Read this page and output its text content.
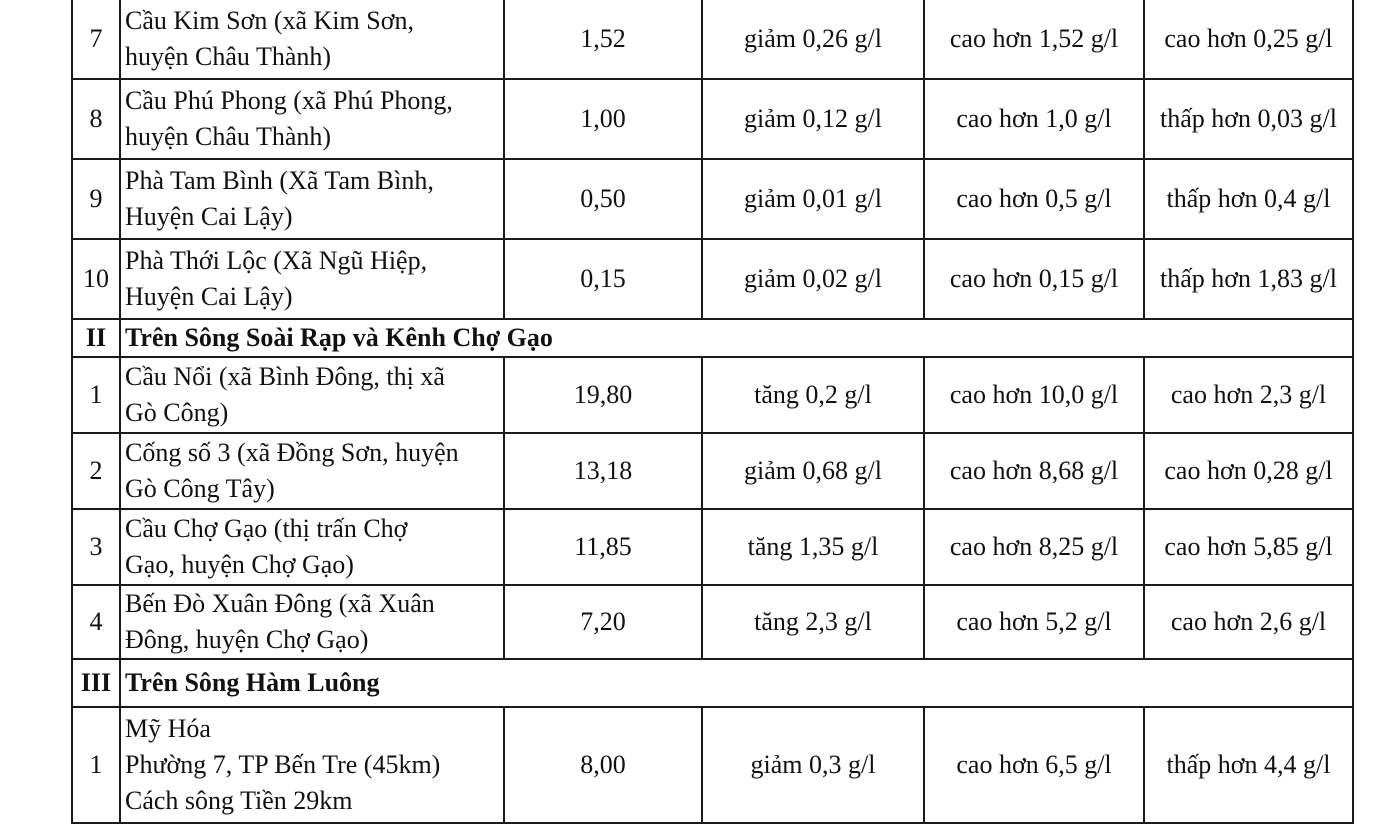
7	Cầu Kim Sơn (xã Kim Sơn,
huyện Châu Thành)	1,52	giảm 0,26 g/l	cao hơn 1,52 g/l	cao hơn 0,25 g/l
8	Cầu Phú Phong (xã Phú Phong,
huyện Châu Thành)	1,00	giảm 0,12 g/l	cao hơn 1,0 g/l	thấp hơn 0,03 g/l
9	Phà Tam Bình (Xã Tam Bình,
Huyện Cai Lậy)	0,50	giảm 0,01 g/l	cao hơn 0,5 g/l	thấp hơn 0,4 g/l
10	Phà Thới Lộc (Xã Ngũ Hiệp,
Huyện Cai Lậy)	0,15	giảm 0,02 g/l	cao hơn 0,15 g/l	thấp hơn 1,83 g/l
II	Trên Sông Soài Rạp và Kênh Chợ Gạo				
1	Cầu Nổi (xã Bình Đông, thị xã
Gò Công)	19,80	tăng 0,2 g/l	cao hơn 10,0 g/l	cao hơn 2,3 g/l
2	Cống số 3 (xã Đồng Sơn, huyện
Gò Công Tây)	13,18	giảm 0,68 g/l	cao hơn 8,68 g/l	cao hơn 0,28 g/l
3	Cầu Chợ Gạo (thị trấn Chợ
Gạo, huyện Chợ Gạo)	11,85	tăng 1,35 g/l	cao hơn 8,25 g/l	cao hơn 5,85 g/l
4	Bến Đò Xuân Đông (xã Xuân
Đông, huyện Chợ Gạo)	7,20	tăng 2,3 g/l	cao hơn 5,2 g/l	cao hơn 2,6 g/l
III	Trên Sông Hàm Luông				
1	Mỹ Hóa
Phường 7, TP Bến Tre (45km)
Cách sông Tiền 29km	8,00	giảm 0,3 g/l	cao hơn 6,5 g/l	thấp hơn 4,4 g/l
